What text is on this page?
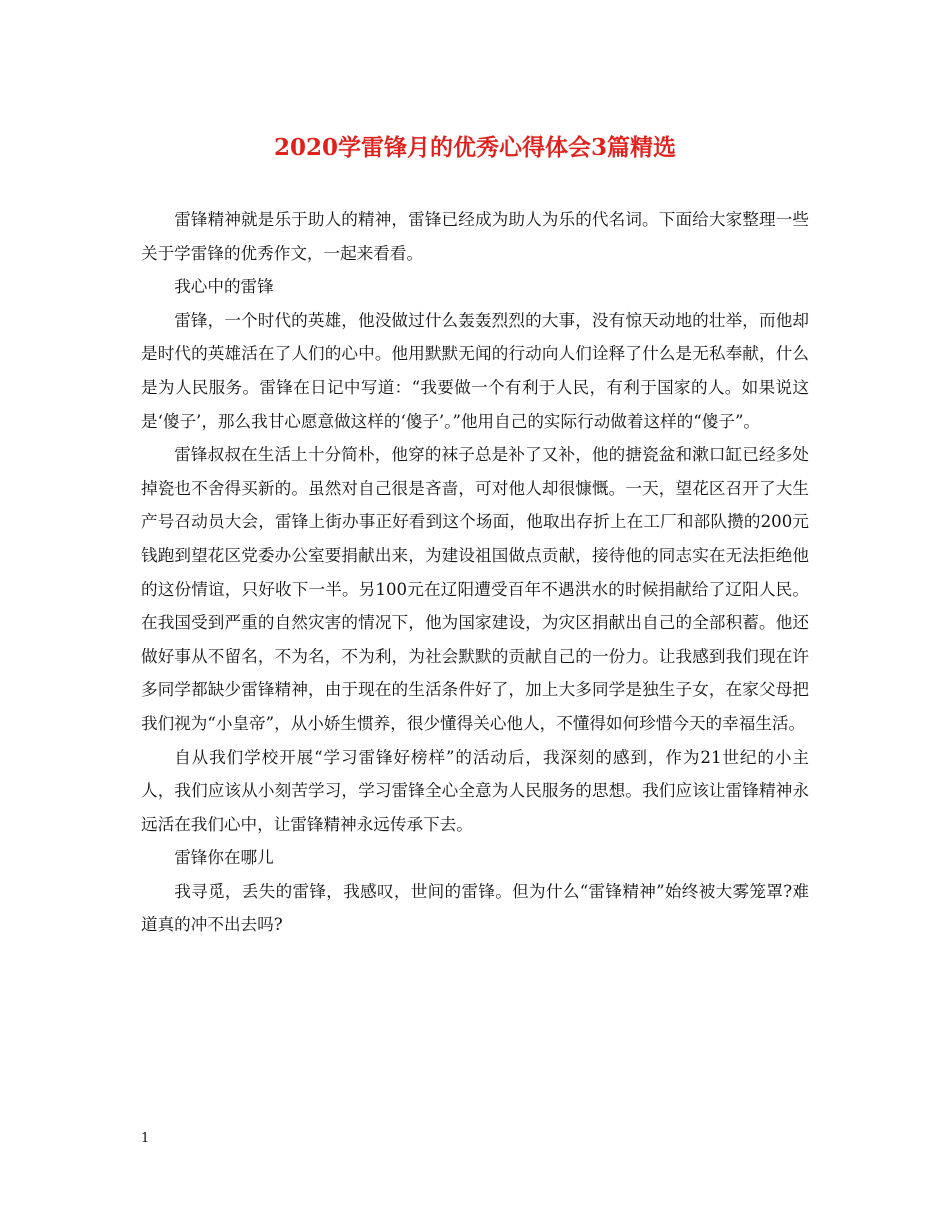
2020学雷锋月的优秀心得体会3篇精选

雷锋精神就是乐于助人的精神，雷锋已经成为助人为乐的代名词。下面给大家整理一些关于学雷锋的优秀作文，一起来看看。

我心中的雷锋

雷锋，一个时代的英雄，他没做过什么轰轰烈烈的大事，没有惊天动地的壮举，而他却是时代的英雄活在了人们的心中。他用默默无闻的行动向人们诠释了什么是无私奉献，什么是为人民服务。雷锋在日记中写道：“我要做一个有利于人民，有利于国家的人。如果说这是‘傻子’，那么我甘心愿意做这样的‘傻子’。”他用自己的实际行动做着这样的“傻子”。

雷锋叔叔在生活上十分简朴，他穿的袜子总是补了又补，他的搪瓷盆和漱口缸已经多处掉瓷也不舍得买新的。虽然对自己很是吝啬，可对他人却很慷慨。一天，望花区召开了大生产号召动员大会，雷锋上街办事正好看到这个场面，他取出存折上在工厂和部队攒的200元钱跑到望花区党委办公室要捐献出来，为建设祖国做点贡献，接待他的同志实在无法拒绝他的这份情谊，只好收下一半。另100元在辽阳遭受百年不遇洪水的时候捐献给了辽阳人民。在我国受到严重的自然灾害的情况下，他为国家建设，为灾区捐献出自己的全部积蓄。他还做好事从不留名，不为名，不为利，为社会默默的贡献自己的一份力。让我感到我们现在许多同学都缺少雷锋精神，由于现在的生活条件好了，加上大多同学是独生子女，在家父母把我们视为“小皇帝”，从小娇生惯养，很少懂得关心他人，不懂得如何珍惜今天的幸福生活。

自从我们学校开展“学习雷锋好榜样”的活动后，我深刻的感到，作为21世纪的小主人，我们应该从小刻苦学习，学习雷锋全心全意为人民服务的思想。我们应该让雷锋精神永远活在我们心中，让雷锋精神永远传承下去。

雷锋你在哪儿

我寻觅，丢失的雷锋，我感叹，世间的雷锋。但为什么“雷锋精神”始终被大雾笼罩?难道真的冲不出去吗?

1
